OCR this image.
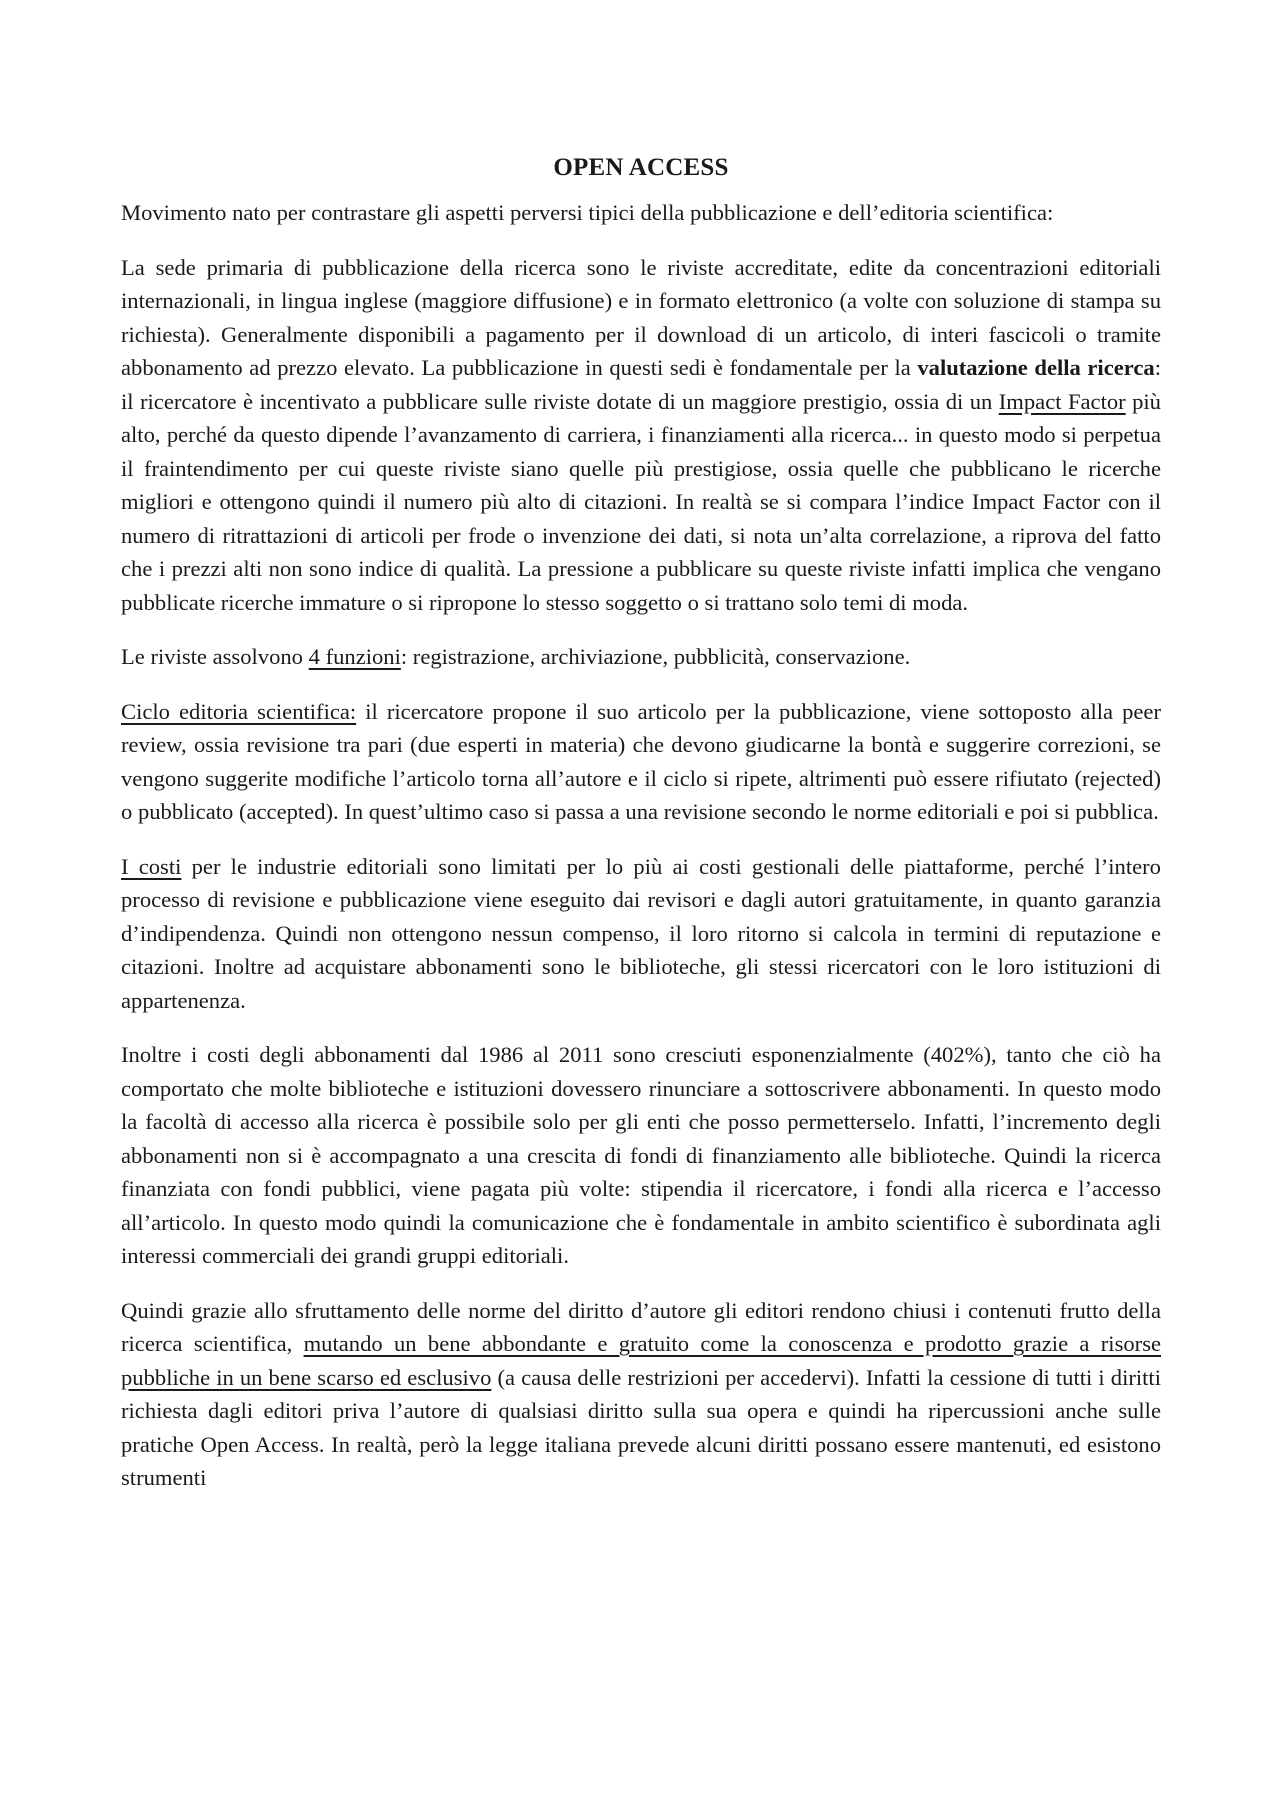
OPEN ACCESS

Movimento nato per contrastare gli aspetti perversi tipici della pubblicazione e dell’editoria scientifica:

La sede primaria di pubblicazione della ricerca sono le riviste accreditate, edite da concentrazioni editoriali internazionali, in lingua inglese (maggiore diffusione) e in formato elettronico (a volte con soluzione di stampa su richiesta). Generalmente disponibili a pagamento per il download di un articolo, di interi fascicoli o tramite abbonamento ad prezzo elevato. La pubblicazione in questi sedi è fondamentale per la valutazione della ricerca: il ricercatore è incentivato a pubblicare sulle riviste dotate di un maggiore prestigio, ossia di un Impact Factor più alto, perché da questo dipende l’avanzamento di carriera, i finanziamenti alla ricerca... in questo modo si perpetua il fraintendimento per cui queste riviste siano quelle più prestigiose, ossia quelle che pubblicano le ricerche migliori e ottengono quindi il numero più alto di citazioni. In realtà se si compara l’indice Impact Factor con il numero di ritrattazioni di articoli per frode o invenzione dei dati, si nota un’alta correlazione, a riprova del fatto che i prezzi alti non sono indice di qualità. La pressione a pubblicare su queste riviste infatti implica che vengano pubblicate ricerche immature o si ripropone lo stesso soggetto o si trattano solo temi di moda.

Le riviste assolvono 4 funzioni: registrazione, archiviazione, pubblicità, conservazione.

Ciclo editoria scientifica: il ricercatore propone il suo articolo per la pubblicazione, viene sottoposto alla peer review, ossia revisione tra pari (due esperti in materia) che devono giudicarne la bontà e suggerire correzioni, se vengono suggerite modifiche l’articolo torna all’autore e il ciclo si ripete, altrimenti può essere rifiutato (rejected) o pubblicato (accepted). In quest’ultimo caso si passa a una revisione secondo le norme editoriali e poi si pubblica.

I costi per le industrie editoriali sono limitati per lo più ai costi gestionali delle piattaforme, perché l’intero processo di revisione e pubblicazione viene eseguito dai revisori e dagli autori gratuitamente, in quanto garanzia d’indipendenza. Quindi non ottengono nessun compenso, il loro ritorno si calcola in termini di reputazione e citazioni. Inoltre ad acquistare abbonamenti sono le biblioteche, gli stessi ricercatori con le loro istituzioni di appartenenza.

Inoltre i costi degli abbonamenti dal 1986 al 2011 sono cresciuti esponenzialmente (402%), tanto che ciò ha comportato che molte biblioteche e istituzioni dovessero rinunciare a sottoscrivere abbonamenti. In questo modo la facoltà di accesso alla ricerca è possibile solo per gli enti che posso permetterselo. Infatti, l’incremento degli abbonamenti non si è accompagnato a una crescita di fondi di finanziamento alle biblioteche. Quindi la ricerca finanziata con fondi pubblici, viene pagata più volte: stipendia il ricercatore, i fondi alla ricerca e l’accesso all’articolo. In questo modo quindi la comunicazione che è fondamentale in ambito scientifico è subordinata agli interessi commerciali dei grandi gruppi editoriali.

Quindi grazie allo sfruttamento delle norme del diritto d’autore gli editori rendono chiusi i contenuti frutto della ricerca scientifica, mutando un bene abbondante e gratuito come la conoscenza e prodotto grazie a risorse pubbliche in un bene scarso ed esclusivo (a causa delle restrizioni per accedervi). Infatti la cessione di tutti i diritti richiesta dagli editori priva l’autore di qualsiasi diritto sulla sua opera e quindi ha ripercussioni anche sulle pratiche Open Access. In realtà, però la legge italiana prevede alcuni diritti possano essere mantenuti, ed esistono strumenti
